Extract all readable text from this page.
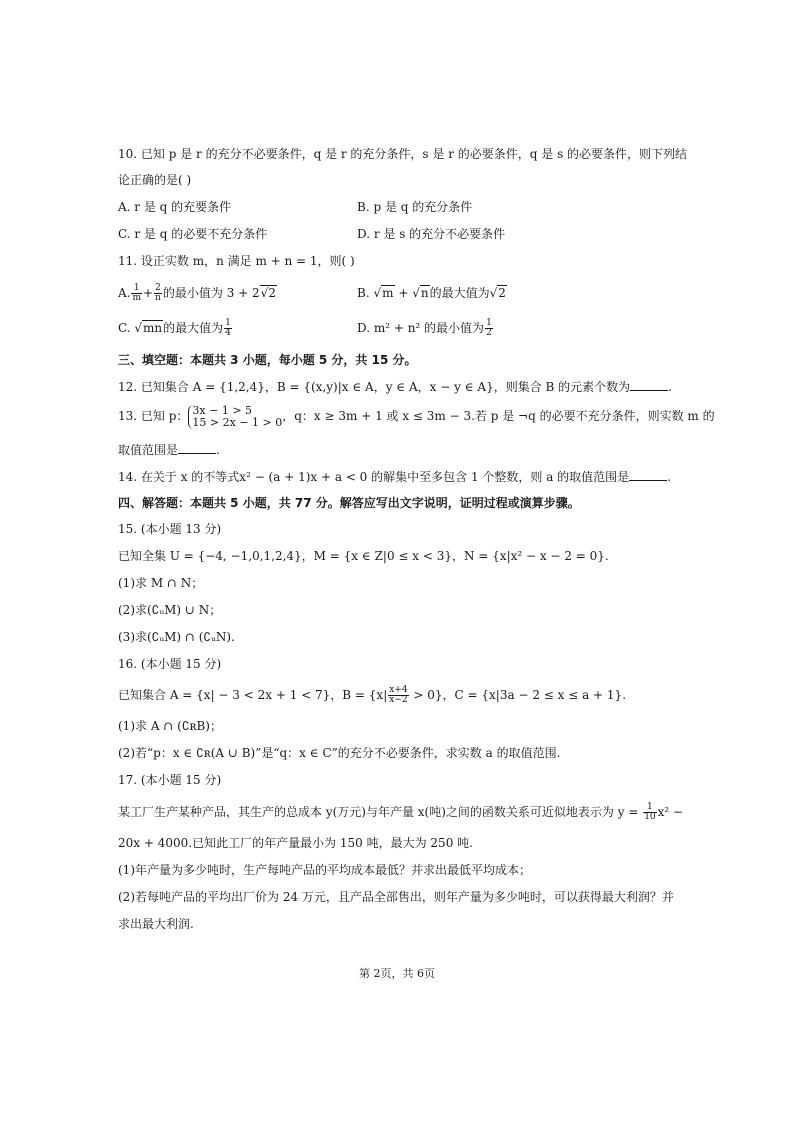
10. 已知 p 是 r 的充分不必要条件，q 是 r 的充分条件，s 是 r 的必要条件，q 是 s 的必要条件，则下列结
论正确的是( )
A. r 是 q 的充要条件	B. p 是 q 的充分条件
C. r 是 q 的必要不充分条件	D. r 是 s 的充分不必要条件
11. 设正实数 m，n 满足 m + n = 1，则( )
A. $\frac{1}{m} + \frac{2}{n}$ 的最小值为 3 + 2√2	B. √m + √n的最大值为√2
C. √mn的最大值为 $\frac{1}{4}$	D. m² + n² 的最小值为 $\frac{1}{2}$
三、填空题：本题共 3 小题，每小题 5 分，共 15 分。
12. 已知集合 A = {1,2,4}，B = {(x,y)|x ∈ A，y ∈ A，x − y ∈ A}，则集合 B 的元素个数为	.
13. 已知 p： 3x − 1 > 5
15 > 2x − 1 > 0 ，q：x ≥ 3m + 1 或 x ≤ 3m − 3.若 p 是 ¬q 的必要不充分条件，则实数 m 的
取值范围是	.
14. 在关于 x 的不等式x² − (a + 1)x + a < 0 的解集中至多包含 1 个整数，则 a 的取值范围是	.
四、解答题：本题共 5 小题，共 77 分。解答应写出文字说明，证明过程或演算步骤。
15. (本小题 13 分)
已知全集 U = {−4, −1,0,1,2,4}，M = {x ∈ Z|0 ≤ x < 3}，N = {x|x² − x − 2 = 0}.
(1)求 M ∩ N；
(2)求(∁ᵤM) ∪ N；
(3)求(∁ᵤM) ∩ (∁ᵤN).
16. (本小题 15 分)
已知集合 A = {x| − 3 < 2x + 1 < 7}，$B = \{x| \frac{x+4}{x-2} > 0\}$，C = {x|3a − 2 ≤ x ≤ a + 1}.
(1)求 A ∩ (∁ʀB)；
(2)若“p：x ∈ ∁ʀ(A ∪ B)”是“q：x ∈ C”的充分不必要条件，求实数 a 的取值范围.
17. (本小题 15 分)
某工厂生产某种产品，其生产的总成本 y(万元)与年产量 x(吨)之间的函数关系可近似地表示为 $y = \frac{1}{10} x^2$ −
20x + 4000.已知此工厂的年产量最小为 150 吨，最大为 250 吨.
(1)年产量为多少吨时，生产每吨产品的平均成本最低？并求出最低平均成本；
(2)若每吨产品的平均出厂价为 24 万元，且产品全部售出，则年产量为多少吨时，可以获得最大利润？并
求出最大利润.
第 2页，共 6页
